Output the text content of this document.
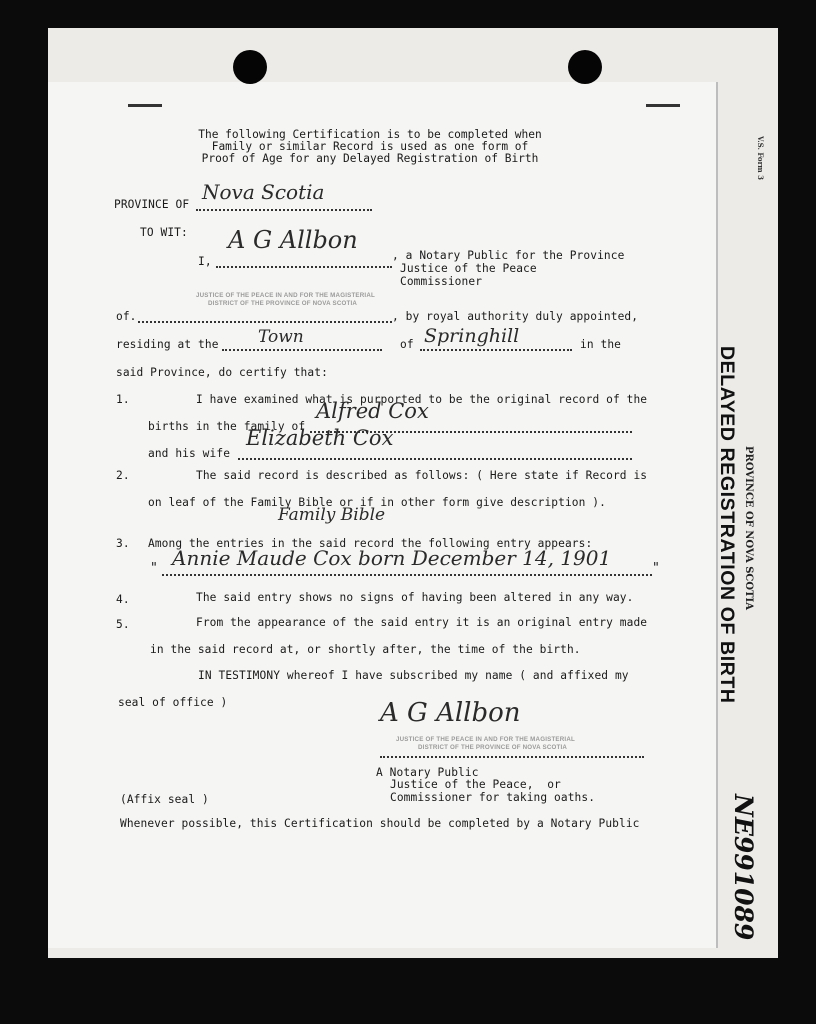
V.S. Form 3
PROVINCE OF NOVA SCOTIA
DELAYED REGISTRATION OF BIRTH
NE991089
The following Certification is to be completed when
Family or similar Record is used as one form of
Proof of Age for any Delayed Registration of Birth
PROVINCE OF
Nova Scotia
TO WIT:
I,
A G Allbon
, a Notary Public for the Province
Justice of the Peace
Commissioner
JUSTICE OF THE PEACE IN AND FOR THE MAGISTERIAL
DISTRICT OF THE PROVINCE OF NOVA SCOTIA
of.	, by royal authority duly appointed,
residing at the Town	of Springhill	in the
said Province, do certify that:
1.	I have examined what is purported to be the original record of the
births in the family of
Alfred Cox
and his wife
Elizabeth Cox
2.	The said record is described as follows: ( Here state if Record is
on leaf of the Family Bible or if in other form give description ).
Family Bible
3. Among the entries in the said record the following entry appears:
" Annie Maude Cox born December 14, 1901	"
4.	The said entry shows no signs of having been altered in any way.
5.	From the appearance of the said entry it is an original entry made
in the said record at, or shortly after, the time of the birth.
IN TESTIMONY whereof I have subscribed my name ( and affixed my
seal of office )	A G Allbon
JUSTICE OF THE PEACE IN AND FOR THE MAGISTERIAL
DISTRICT OF THE PROVINCE OF NOVA SCOTIA
A Notary Public
Justice of the Peace,  or
Commissioner for taking oaths.
(Affix seal )
Whenever possible, this Certification should be completed by a Notary Public
